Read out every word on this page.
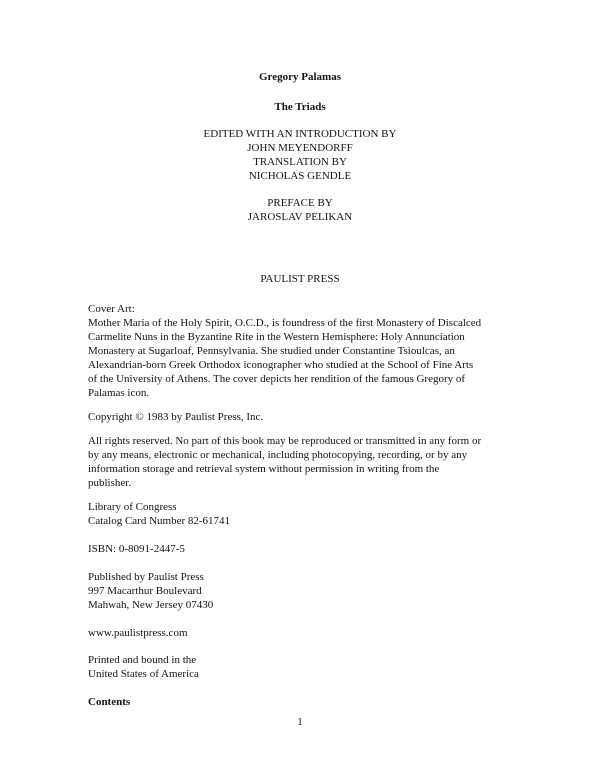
Gregory Palamas
The Triads
EDITED WITH AN INTRODUCTION BY
JOHN MEYENDORFF
TRANSLATION BY
NICHOLAS GENDLE
PREFACE BY
JAROSLAV PELIKAN
PAULIST PRESS
Cover Art:
Mother Maria of the Holy Spirit, O.C.D., is foundress of the first Monastery of Discalced
Carmelite Nuns in the Byzantine Rite in the Western Hemisphere: Holy Annunciation
Monastery at Sugarloaf, Pennsylvania. She studied under Constantine Tsioulcas, an
Alexandrian-born Greek Orthodox iconographer who studied at the School of Fine Arts
of the University of Athens. The cover depicts her rendition of the famous Gregory of
Palamas icon.
Copyright © 1983 by Paulist Press, Inc.
All rights reserved. No part of this book may be reproduced or transmitted in any form or
by any means, electronic or mechanical, including photocopying, recording, or by any
information storage and retrieval system without permission in writing from the
publisher.
Library of Congress
Catalog Card Number 82-61741
ISBN: 0-8091-2447-5
Published by Paulist Press
997 Macarthur Boulevard
Mahwah, New Jersey 07430
www.paulistpress.com
Printed and bound in the
United States of America
Contents
1
